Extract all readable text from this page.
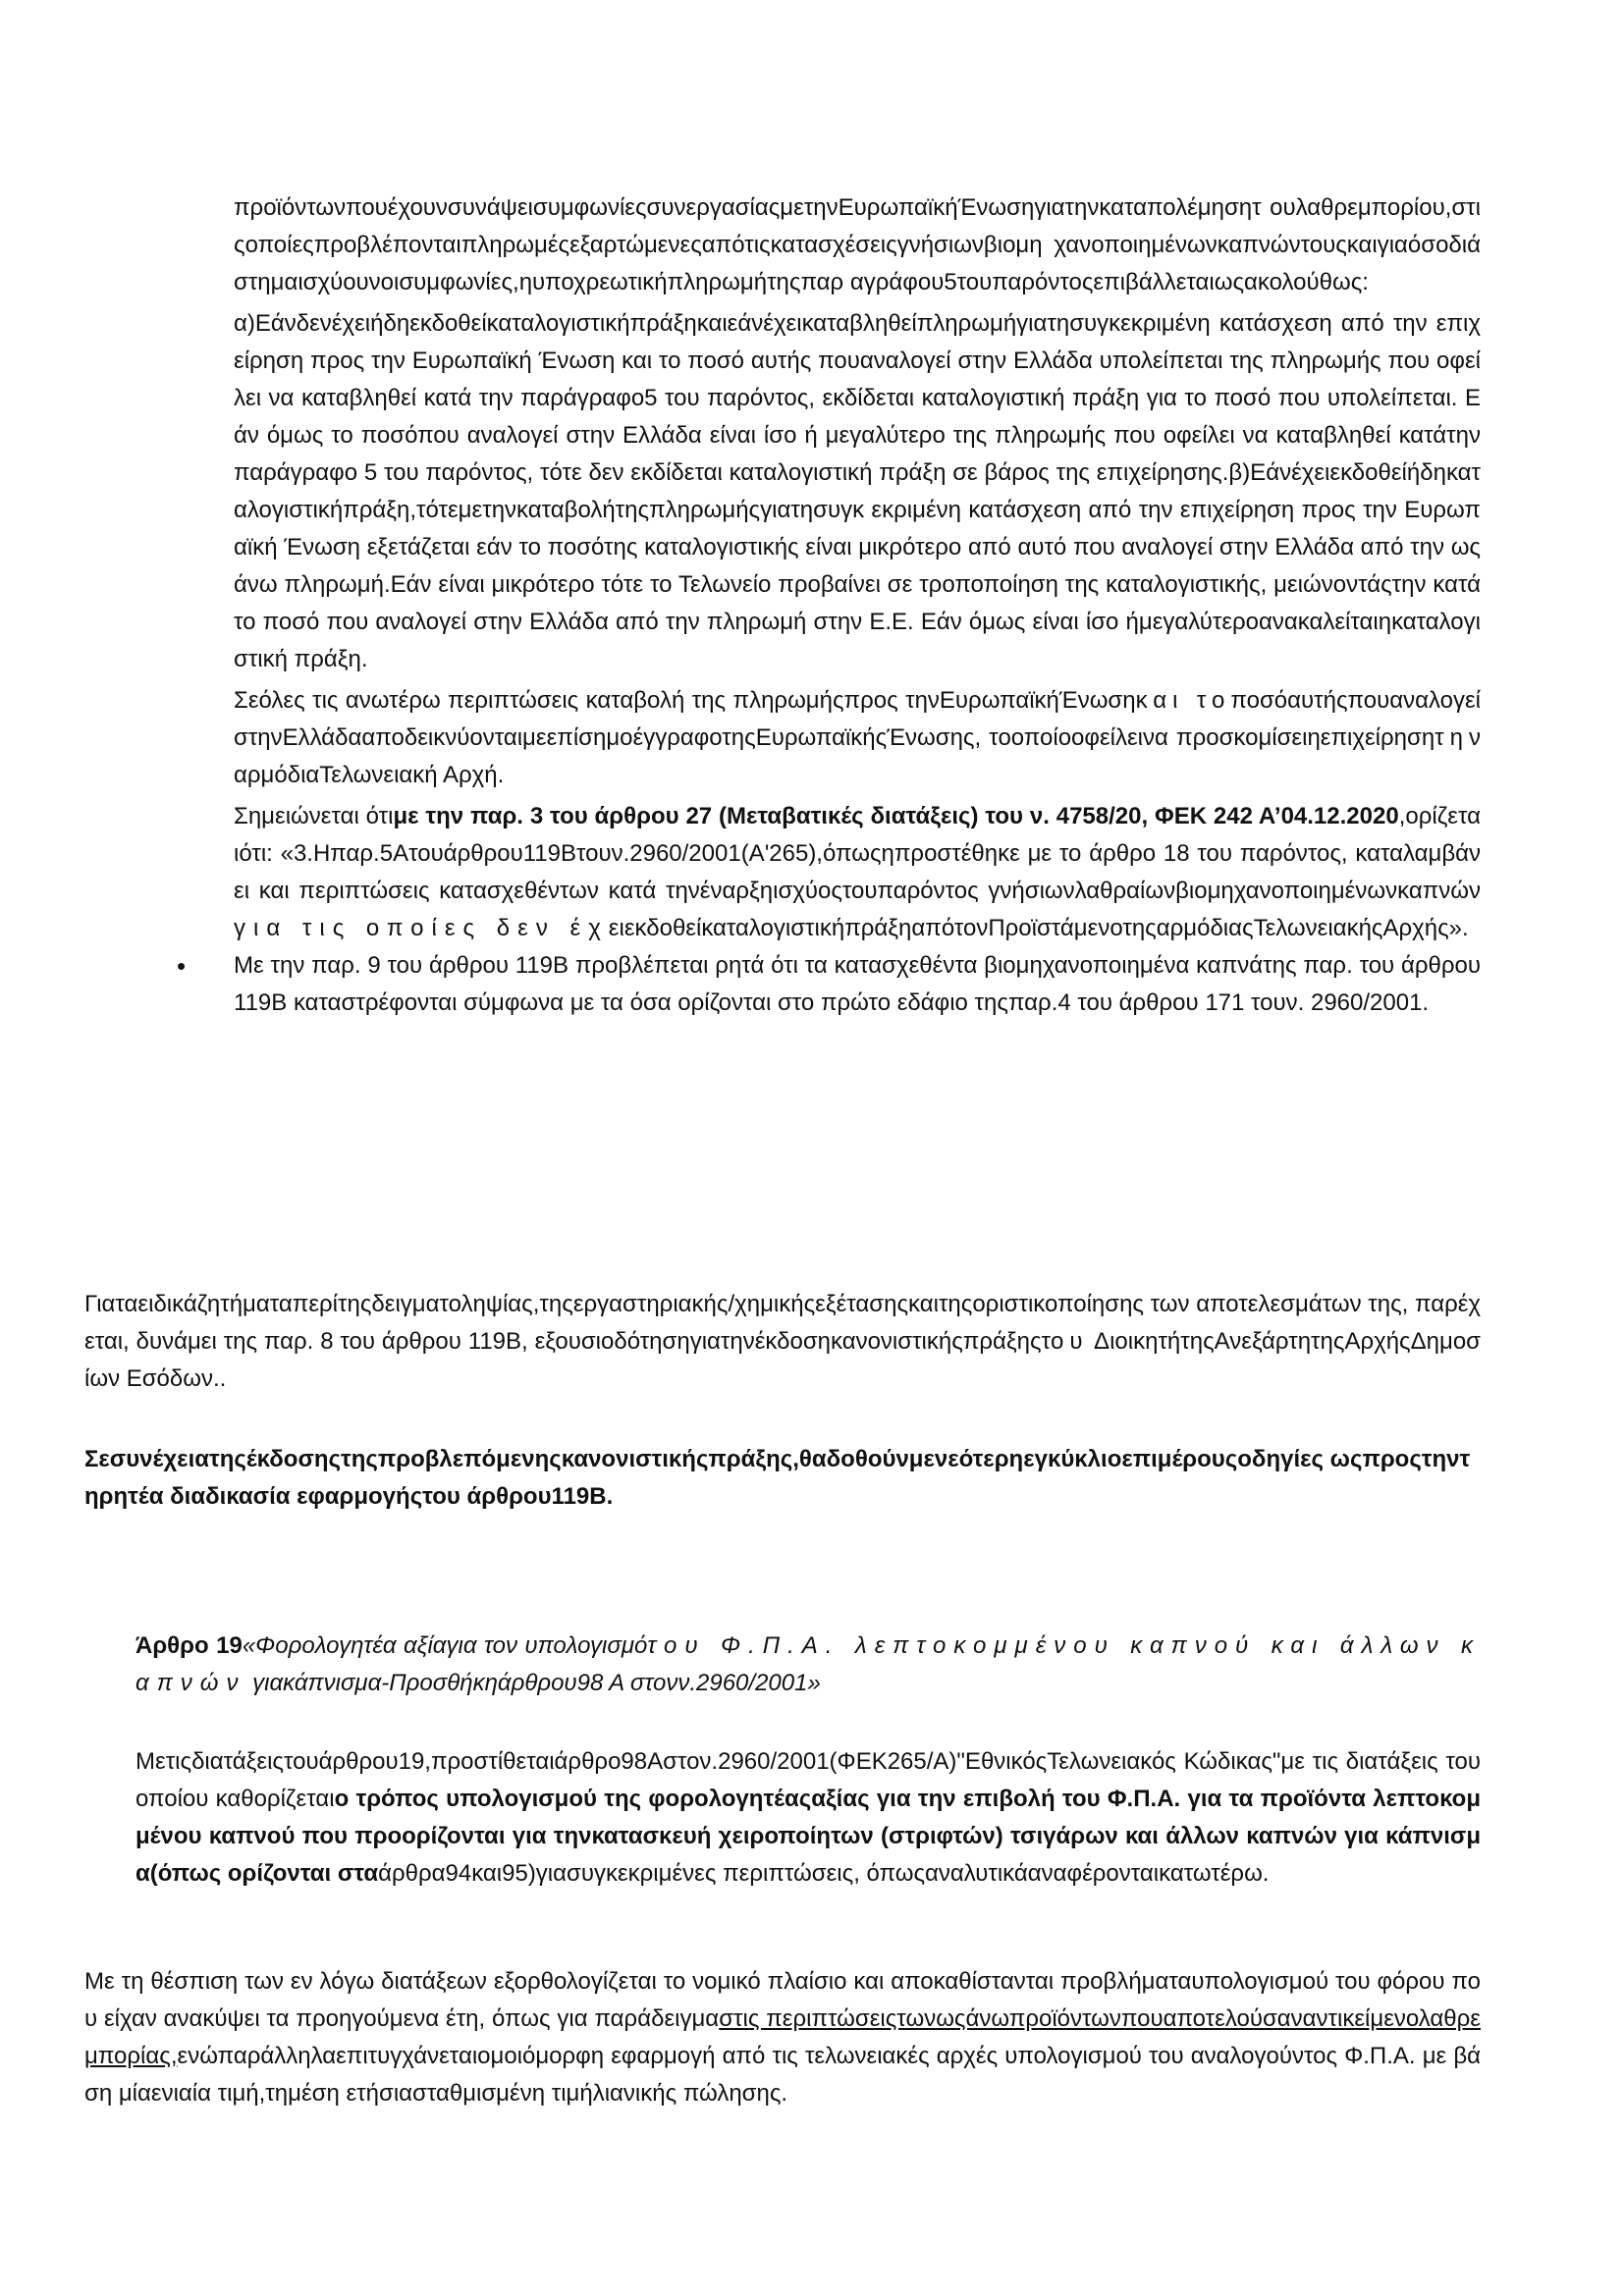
προϊόντωνπουέχουνσυνάψεισυμφωνίεςσυνεργασίαςμετηνΕυρωπαϊκήΈνωσηγιατηνκαταπολέμησητ ουλαθρεμπορίου,στιςοποίεςπροβλέπονταιπληρωμέςεξαρτώμενεςαπότιςκατασχέσειςγνήσιωνβιομη χανοποιημένωνκαπνώντουςκαιγιαόσοδιάστημαισχύουνοισυμφωνίες,ηυποχρεωτικήπληρωμήτηςπαρ αγράφου5τουπαρόντοςεπιβάλλεταιωςακολούθως:

α)Εάνδενέχειήδηεκδοθείκαταλογιστικήπράξηκαιεάνέχεικαταβληθείπληρωμήγιατησυγκεκριμένη κατάσχεση από την επιχείρηση προς την Ευρωπαϊκή Ένωση και το ποσό αυτής πουαναλογεί στην Ελλάδα υπολείπεται της πληρωμής που οφείλει να καταβληθεί κατά την παράγραφο5 του παρόντος, εκδίδεται καταλογιστική πράξη για το ποσό που υπολείπεται. Εάν όμως το ποσόπου αναλογεί στην Ελλάδα είναι ίσο ή μεγαλύτερο της πληρωμής που οφείλει να καταβληθεί κατάτην παράγραφο 5 του παρόντος, τότε δεν εκδίδεται καταλογιστική πράξη σε βάρος της επιχείρησης.β)Εάνέχειεκδοθείήδηκαταλογιστικήπράξη,τότεμετηνκαταβολήτηςπληρωμήςγιατησυγκ εκριμένη κατάσχεση από την επιχείρηση προς την Ευρωπαϊκή Ένωση εξετάζεται εάν το ποσότης καταλογιστικής είναι μικρότερο από αυτό που αναλογεί στην Ελλάδα από την ως άνω πληρωμή.Εάν είναι μικρότερο τότε το Τελωνείο προβαίνει σε τροποποίηση της καταλογιστικής, μειώνοντάςτην κατά το ποσό που αναλογεί στην Ελλάδα από την πληρωμή στην Ε.Ε. Εάν όμως είναι ίσο ήμεγαλύτεροανακαλείταιηκαταλογιστική πράξη.

Σεόλες τις ανωτέρω περιπτώσεις καταβολή της πληρωμήςπρος τηνΕυρωπαϊκήΈνωσηκαι τοποσόαυτήςπουαναλογείστηνΕλλάδααποδεικνύονταιμεεπίσημοέγγραφοτηςΕυρωπαϊκήςΈνωσης, τοοποίοοφείλεινα προσκομίσειηεπιχείρησητην αρμόδιαΤελωνειακή Αρχή.

Σημειώνεται ότιμε την παρ. 3 του άρθρου 27 (Μεταβατικές διατάξεις) του ν. 4758/20, ΦΕΚ 242 Α’04.12.2020,ορίζεταιότι: «3.Ηπαρ.5Ατουάρθρου119Βτουν.2960/2001(Α'265),όπωςηπροστέθηκε με το άρθρο 18 του παρόντος, καταλαμβάνει και περιπτώσεις κατασχεθέντων κατά τηνέναρξηισχύοςτουπαρόντος γνήσιωνλαθραίωνβιομηχανοποιημένωνκαπνώνγια τις οποίες δεν έχειεκδοθείκαταλογιστικήπράξηαπότονΠροϊστάμενοτηςαρμόδιαςΤελωνειακήςΑρχής».

• Με την παρ. 9 του άρθρου 119Β προβλέπεται ρητά ότι τα κατασχεθέντα βιομηχανοποιημένα καπνάτης παρ. του άρθρου 119Β καταστρέφονται σύμφωνα με τα όσα ορίζονται στο πρώτο εδάφιο τηςπαρ.4 του άρθρου 171 τουν. 2960/2001.

Γιαταειδικάζητήματαπερίτηςδειγματοληψίας,τηςεργαστηριακής/χημικήςεξέτασηςκαιτηςοριστικοποίησης των αποτελεσμάτων της, παρέχεται, δυνάμει της παρ. 8 του άρθρου 119Β, εξουσιοδότησηγιατηνέκδοσηκανονιστικήςπράξηςτου ΔιοικητήτηςΑνεξάρτητηςΑρχήςΔημοσίων Εσόδων..

Σεσυνέχειατηςέκδοσηςτηςπροβλεπόμενηςκανονιστικήςπράξης,θαδοθούνμενεότερηεγκύκλιοεπιμέρουςοδηγίες ωςπροςτηντηρητέα διαδικασία εφαρμογήςτου άρθρου119Β.

Άρθρο 19«Φορολογητέα αξίαγια τον υπολογισμότου Φ.Π.Α. λεπτοκομμένου καπνού και άλλων καπνών γιακάπνισμα-Προσθήκηάρθρου98 Α στονν.2960/2001»

Μετιςδιατάξειςτουάρθρου19,προστίθεταιάρθρο98Αστον.2960/2001(ΦΕΚ265/Α)"ΕθνικόςΤελωνειακός Κώδικας"με τις διατάξεις του οποίου καθορίζεταιο τρόπος υπολογισμού της φορολογητέαςαξίας για την επιβολή του Φ.Π.Α. για τα προϊόντα λεπτοκομμένου καπνού που προορίζονται για τηνκατασκευή χειροποίητων (στριφτών) τσιγάρων και άλλων καπνών για κάπνισμα(όπως ορίζονται σταάρθρα94και95)γιασυγκεκριμένες περιπτώσεις, όπωςαναλυτικάαναφέρονταικατωτέρω.

Με τη θέσπιση των εν λόγω διατάξεων εξορθολογίζεται το νομικό πλαίσιο και αποκαθίστανται προβλήματαυπολογισμού του φόρου που είχαν ανακύψει τα προηγούμενα έτη, όπως για παράδειγμαστις περιπτώσειςτωνωςάνωπροϊόντωνπουαποτελούσαναντικείμενολαθρεμπορίας,ενώπαράλληλαεπιτυγχάνεταιομοιόμορφη εφαρμογή από τις τελωνειακές αρχές υπολογισμού του αναλογούντος Φ.Π.Α. με βάση μίαενιαία τιμή,τημέση ετήσιασταθμισμένη τιμήλιανικής πώλησης.
